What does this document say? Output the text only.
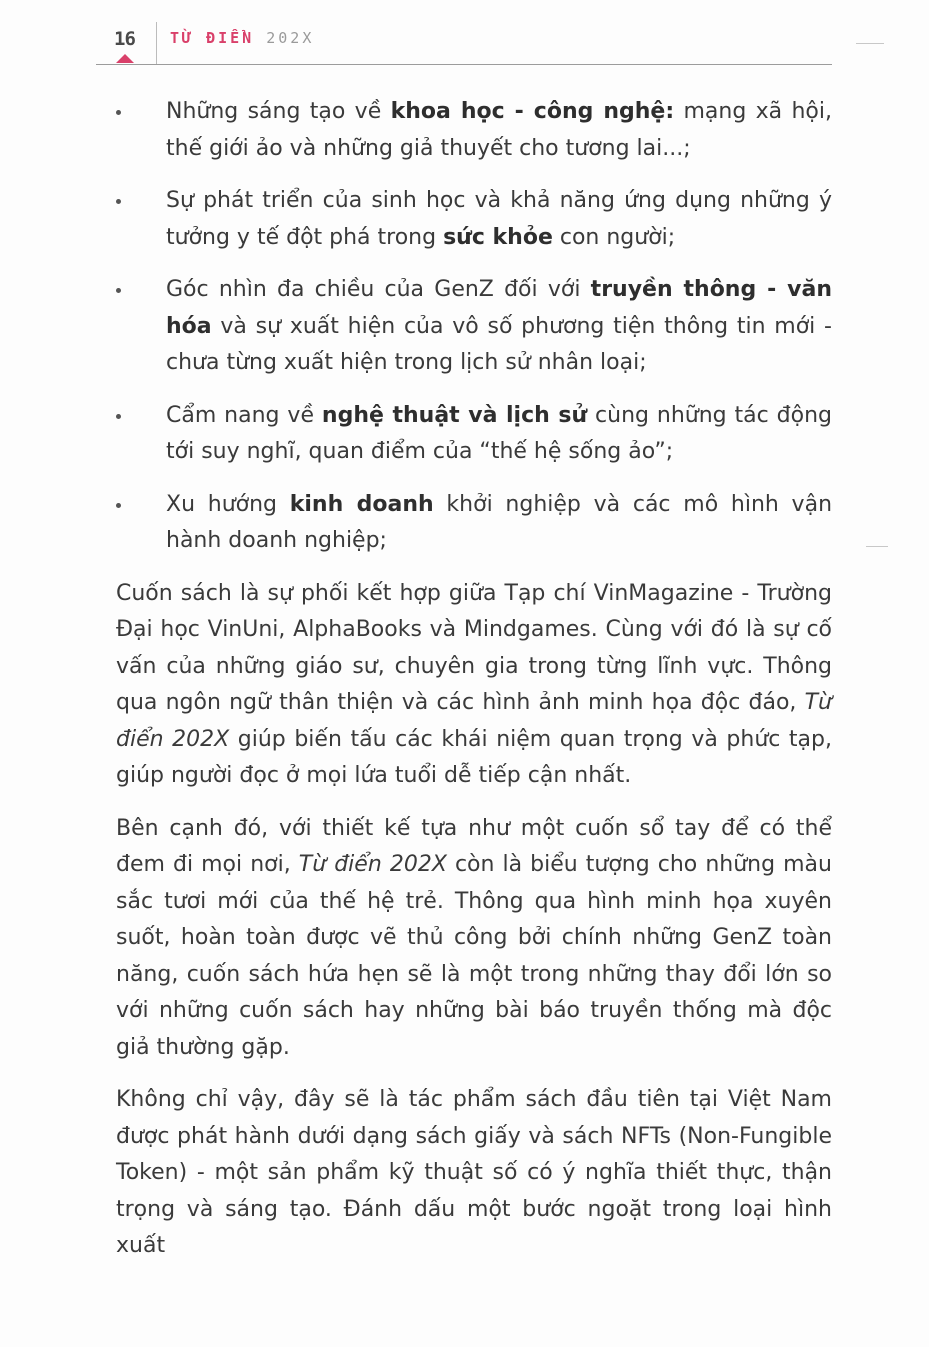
16 TỪ ĐIỂN 202X
Những sáng tạo về khoa học - công nghệ: mạng xã hội, thế giới ảo và những giả thuyết cho tương lai...;
Sự phát triển của sinh học và khả năng ứng dụng những ý tưởng y tế đột phá trong sức khỏe con người;
Góc nhìn đa chiều của GenZ đối với truyền thông - văn hóa và sự xuất hiện của vô số phương tiện thông tin mới - chưa từng xuất hiện trong lịch sử nhân loại;
Cẩm nang về nghệ thuật và lịch sử cùng những tác động tới suy nghĩ, quan điểm của “thế hệ sống ảo”;
Xu hướng kinh doanh khởi nghiệp và các mô hình vận hành doanh nghiệp;

Cuốn sách là sự phối kết hợp giữa Tạp chí VinMagazine - Trường Đại học VinUni, AlphaBooks và Mindgames. Cùng với đó là sự cố vấn của những giáo sư, chuyên gia trong từng lĩnh vực. Thông qua ngôn ngữ thân thiện và các hình ảnh minh họa độc đáo, Từ điển 202X giúp biến tấu các khái niệm quan trọng và phức tạp, giúp người đọc ở mọi lứa tuổi dễ tiếp cận nhất.

Bên cạnh đó, với thiết kế tựa như một cuốn sổ tay để có thể đem đi mọi nơi, Từ điển 202X còn là biểu tượng cho những màu sắc tươi mới của thế hệ trẻ. Thông qua hình minh họa xuyên suốt, hoàn toàn được vẽ thủ công bởi chính những GenZ toàn năng, cuốn sách hứa hẹn sẽ là một trong những thay đổi lớn so với những cuốn sách hay những bài báo truyền thống mà độc giả thường gặp.

Không chỉ vậy, đây sẽ là tác phẩm sách đầu tiên tại Việt Nam được phát hành dưới dạng sách giấy và sách NFTs (Non-Fungible Token) - một sản phẩm kỹ thuật số có ý nghĩa thiết thực, thận trọng và sáng tạo. Đánh dấu một bước ngoặt trong loại hình xuất
